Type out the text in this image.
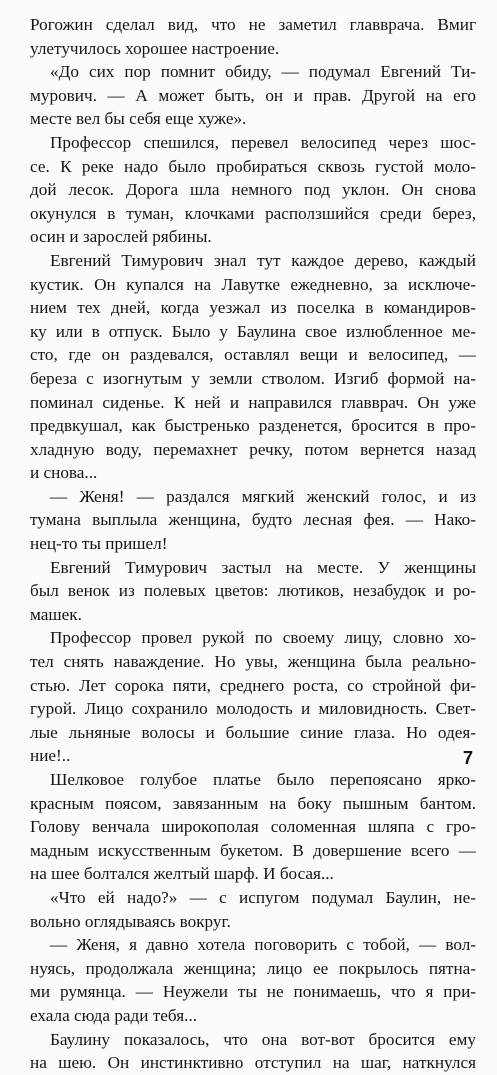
Рогожин сделал вид, что не заметил главврача. Вмиг
улетучилось хорошее настроение.
«До сих пор помнит обиду, — подумал Евгений Ти-
мурович. — А может быть, он и прав. Другой на его
месте вел бы себя еще хуже».
Профессор спешился, перевел велосипед через шос-
се. К реке надо было пробираться сквозь густой моло-
дой лесок. Дорога шла немного под уклон. Он снова
окунулся в туман, клочками расползшийся среди берез,
осин и зарослей рябины.
Евгений Тимурович знал тут каждое дерево, каждый
кустик. Он купался на Лавутке ежедневно, за исключе-
нием тех дней, когда уезжал из поселка в командиров-
ку или в отпуск. Было у Баулина свое излюбленное ме-
сто, где он раздевался, оставлял вещи и велосипед, —
береза с изогнутым у земли стволом. Изгиб формой на-
поминал сиденье. К ней и направился главврач. Он уже
предвкушал, как быстренько разденется, бросится в про-
хладную воду, перемахнет речку, потом вернется назад
и снова...
— Женя! — раздался мягкий женский голос, и из
тумана выплыла женщина, будто лесная фея. — Нако-
нец-то ты пришел!
Евгений Тимурович застыл на месте. У женщины
был венок из полевых цветов: лютиков, незабудок и ро-
машек.
Профессор провел рукой по своему лицу, словно хо-
тел снять наваждение. Но увы, женщина была реально-
стью. Лет сорока пяти, среднего роста, со стройной фи-
гурой. Лицо сохранило молодость и миловидность. Свет-
лые льняные волосы и большие синие глаза. Но одея-
ние!..
Шелковое голубое платье было перепоясано ярко-
красным поясом, завязанным на боку пышным бантом.
Голову венчала широкополая соломенная шляпа с гро-
мадным искусственным букетом. В довершение всего —
на шее болтался желтый шарф. И босая...
«Что ей надо?» — с испугом подумал Баулин, не-
вольно оглядываясь вокруг.
— Женя, я давно хотела поговорить с тобой, — вол-
нуясь, продолжала женщина; лицо ее покрылось пятна-
ми румянца. — Неужели ты не понимаешь, что я при-
ехала сюда ради тебя...
Баулину показалось, что она вот-вот бросится ему
на шею. Он инстинктивно отступил на шаг, наткнулся
7
